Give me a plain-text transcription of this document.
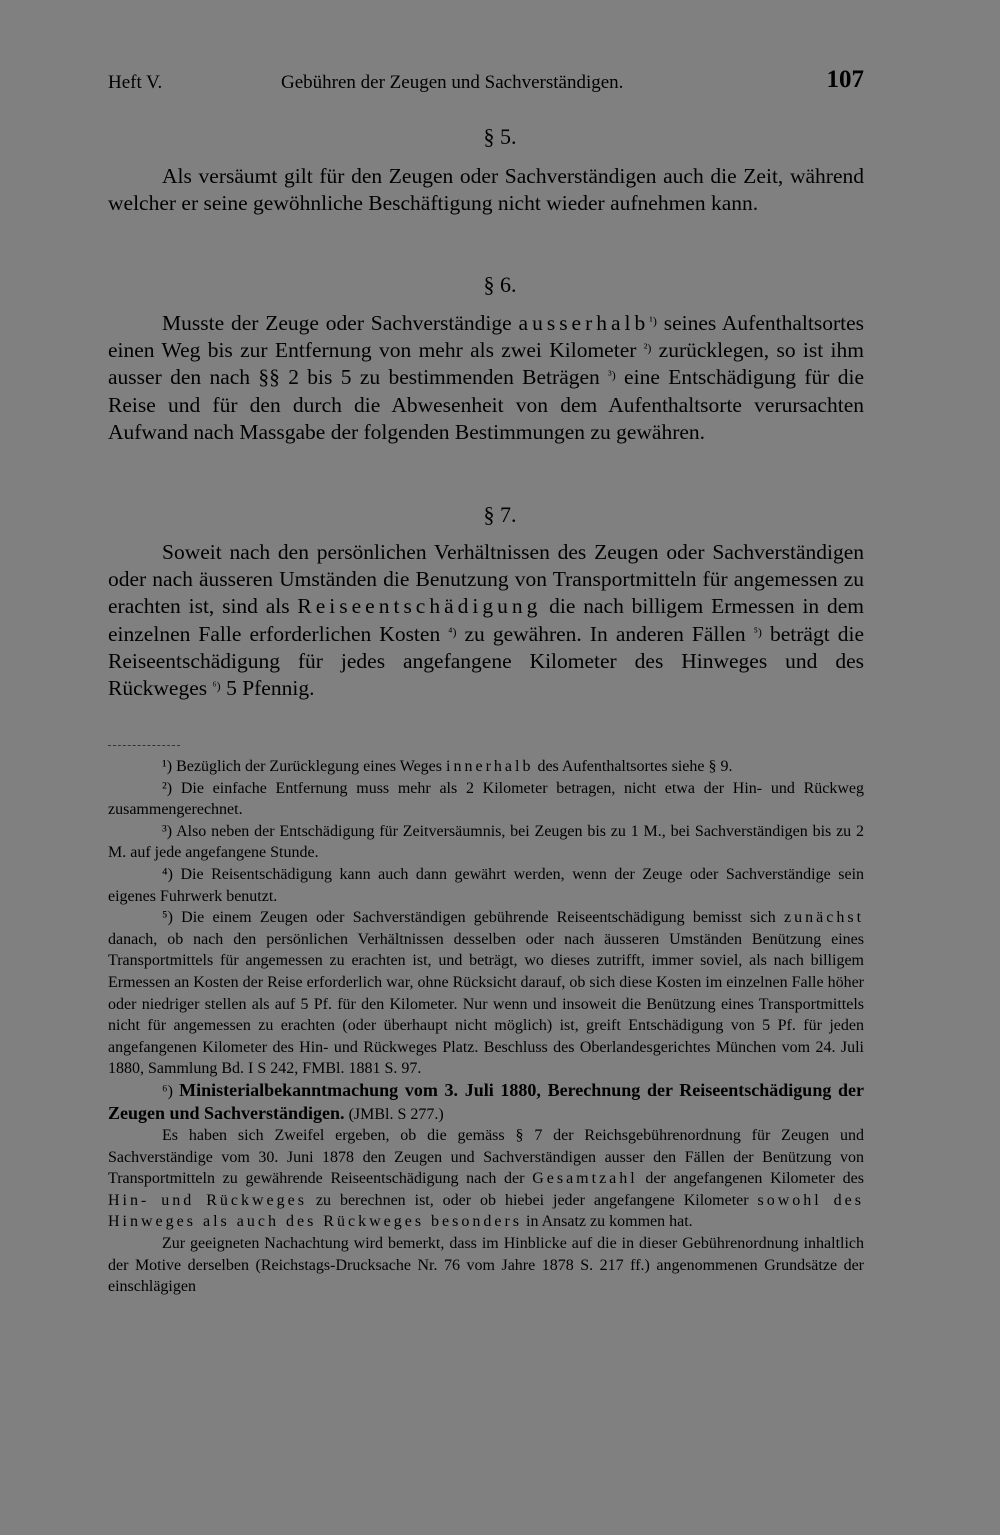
Heft V.	Gebühren der Zeugen und Sachverständigen.	107
§ 5.
Als versäumt gilt für den Zeugen oder Sachverständigen auch die Zeit, während welcher er seine gewöhnliche Beschäftigung nicht wieder aufnehmen kann.
§ 6.
Musste der Zeuge oder Sachverständige ausserhalb$^{^1)}$ seines Aufenthaltsortes einen Weg bis zur Entfernung von mehr als zwei Kilometer $^{^2)}$ zurücklegen, so ist ihm ausser den nach §§ 2 bis 5 zu bestimmenden Beträgen $^{^3)}$ eine Entschädigung für die Reise und für den durch die Abwesenheit von dem Aufenthaltsorte verursachten Aufwand nach Massgabe der folgenden Bestimmungen zu gewähren.
§ 7.
Soweit nach den persönlichen Verhältnissen des Zeugen oder Sachverständigen oder nach äusseren Umständen die Benutzung von Transportmitteln für angemessen zu erachten ist, sind als Reiseentschädigung die nach billigem Ermessen in dem einzelnen Falle erforderlichen Kosten $^{^4)}$ zu gewähren. In anderen Fällen $^{^5)}$ beträgt die Reiseentschädigung für jedes angefangene Kilometer des Hinweges und des Rückweges $^{^6)}$ 5 Pfennig.

¹) Bezüglich der Zurücklegung eines Weges innerhalb des Aufenthaltsortes siehe § 9.

²) Die einfache Entfernung muss mehr als 2 Kilometer betragen, nicht etwa der Hin- und Rückweg zusammengerechnet.

³) Also neben der Entschädigung für Zeitversäumnis, bei Zeugen bis zu 1 M., bei Sachverständigen bis zu 2 M. auf jede angefangene Stunde.

⁴) Die Reisentschädigung kann auch dann gewährt werden, wenn der Zeuge oder Sachverständige sein eigenes Fuhrwerk benutzt.

⁵) Die einem Zeugen oder Sachverständigen gebührende Reiseentschädigung bemisst sich zunächst danach, ob nach den persönlichen Verhältnissen desselben oder nach äusseren Umständen Benützung eines Transportmittels für angemessen zu erachten ist, und beträgt, wo dieses zutrifft, immer soviel, als nach billigem Ermessen an Kosten der Reise erforderlich war, ohne Rücksicht darauf, ob sich diese Kosten im einzelnen Falle höher oder niedriger stellen als auf 5 Pf. für den Kilometer. Nur wenn und insoweit die Benützung eines Transportmittels nicht für angemessen zu erachten (oder überhaupt nicht möglich) ist, greift Entschädigung von 5 Pf. für jeden angefangenen Kilometer des Hin- und Rückweges Platz. Beschluss des Oberlandesgerichtes München vom 24. Juli 1880, Sammlung Bd. I S 242, FMBl. 1881 S. 97.

⁶) Ministerialbekanntmachung vom 3. Juli 1880, Berechnung der Reiseentschädigung der Zeugen und Sachverständigen. (JMBl. S 277.)

Es haben sich Zweifel ergeben, ob die gemäss § 7 der Reichsgebührenordnung für Zeugen und Sachverständige vom 30. Juni 1878 den Zeugen und Sachverständigen ausser den Fällen der Benützung von Transportmitteln zu gewährende Reiseentschädigung nach der Gesamtzahl der angefangenen Kilometer des Hin- und Rückweges zu berechnen ist, oder ob hiebei jeder angefangene Kilometer sowohl des Hinweges als auch des Rückweges besonders in Ansatz zu kommen hat.

Zur geeigneten Nachachtung wird bemerkt, dass im Hinblicke auf die in dieser Gebührenordnung inhaltlich der Motive derselben (Reichstags-Drucksache Nr. 76 vom Jahre 1878 S. 217 ff.) angenommenen Grundsätze der einschlägigen
